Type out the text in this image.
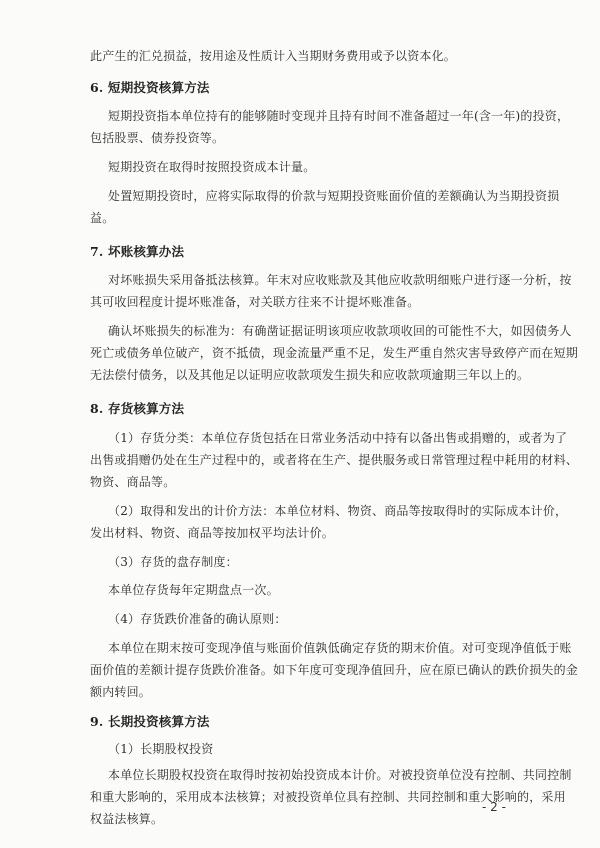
此产生的汇兑损益，按用途及性质计入当期财务费用或予以资本化。
6. 短期投资核算方法
短期投资指本单位持有的能够随时变现并且持有时间不准备超过一年(含一年)的投资，
包括股票、债券投资等。
短期投资在取得时按照投资成本计量。
处置短期投资时，应将实际取得的价款与短期投资账面价值的差额确认为当期投资损
益。
7. 坏账核算办法
对坏账损失采用备抵法核算。年末对应收账款及其他应收款明细账户进行逐一分析，按
其可收回程度计提坏账准备，对关联方往来不计提坏账准备。
确认坏账损失的标准为：有确凿证据证明该项应收款项收回的可能性不大，如因债务人
死亡或债务单位破产，资不抵债，现金流量严重不足，发生严重自然灾害导致停产而在短期
无法偿付债务，以及其他足以证明应收款项发生损失和应收款项逾期三年以上的。
8. 存货核算方法
（1）存货分类：本单位存货包括在日常业务活动中持有以备出售或捐赠的，或者为了
出售或捐赠仍处在生产过程中的，或者将在生产、提供服务或日常管理过程中耗用的材料、
物资、商品等。
（2）取得和发出的计价方法：本单位材料、物资、商品等按取得时的实际成本计价，
发出材料、物资、商品等按加权平均法计价。
（3）存货的盘存制度：
本单位存货每年定期盘点一次。
（4）存货跌价准备的确认原则：
本单位在期末按可变现净值与账面价值孰低确定存货的期末价值。对可变现净值低于账
面价值的差额计提存货跌价准备。如下年度可变现净值回升，应在原已确认的跌价损失的金
额内转回。
9. 长期投资核算方法
（1）长期股权投资
本单位长期股权投资在取得时按初始投资成本计价。对被投资单位没有控制、共同控制
和重大影响的，采用成本法核算；对被投资单位具有控制、共同控制和重大影响的，采用
权益法核算。
- 2 -
